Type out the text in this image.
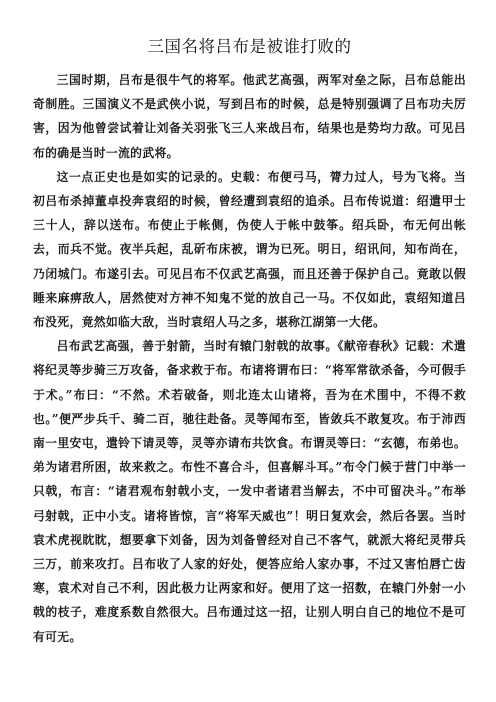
三国名将吕布是被谁打败的

三国时期，吕布是很牛气的将军。他武艺高强，两军对垒之际，吕布总能出奇制胜。三国演义不是武侠小说，写到吕布的时候，总是特别强调了吕布功夫厉害，因为他曾尝试着让刘备关羽张飞三人来战吕布，结果也是势均力敌。可见吕布的确是当时一流的武将。

这一点正史也是如实的记录的。史载：布便弓马，膂力过人，号为飞将。当初吕布杀掉董卓投奔袁绍的时候，曾经遭到袁绍的追杀。吕布传说道：绍遣甲士三十人，辞以送布。布使止于帐侧，伪使人于帐中鼓筝。绍兵卧，布无何出帐去，而兵不觉。夜半兵起，乱斫布床被，谓为已死。明日，绍讯问，知布尚在，乃闭城门。布遂引去。可见吕布不仅武艺高强，而且还善于保护自己。竟敢以假睡来麻痹敌人，居然使对方神不知鬼不觉的放自己一马。不仅如此，袁绍知道吕布没死，竟然如临大敌，当时袁绍人马之多，堪称江湖第一大佬。

吕布武艺高强，善于射箭，当时有辕门射戟的故事。《献帝春秋》记载：术遣将纪灵等步骑三万攻备，备求救于布。布诸将谓布曰：“将军常欲杀备，今可假手于术。”布曰：“不然。术若破备，则北连太山诸将，吾为在术围中，不得不救也。”便严步兵千、骑二百，驰往赴备。灵等闻布至，皆敛兵不敢复攻。布于沛西南一里安屯，遣铃下请灵等，灵等亦请布共饮食。布谓灵等曰：“玄德，布弟也。弟为诸君所困，故来救之。布性不喜合斗，但喜解斗耳。”布令门候于营门中举一只戟，布言：“诸君观布射戟小支，一发中者诸君当解去，不中可留决斗。”布举弓射戟，正中小支。诸将皆惊，言“将军天威也”！明日复欢会，然后各罢。当时袁术虎视眈眈，想要拿下刘备，因为刘备曾经对自己不客气，就派大将纪灵带兵三万，前来攻打。吕布收了人家的好处，便答应给人家办事，不过又害怕唇亡齿寒，袁术对自己不利，因此极力让两家和好。便用了这一招数，在辕门外射一小戟的枝子，难度系数自然很大。吕布通过这一招，让别人明白自己的地位不是可有可无。
